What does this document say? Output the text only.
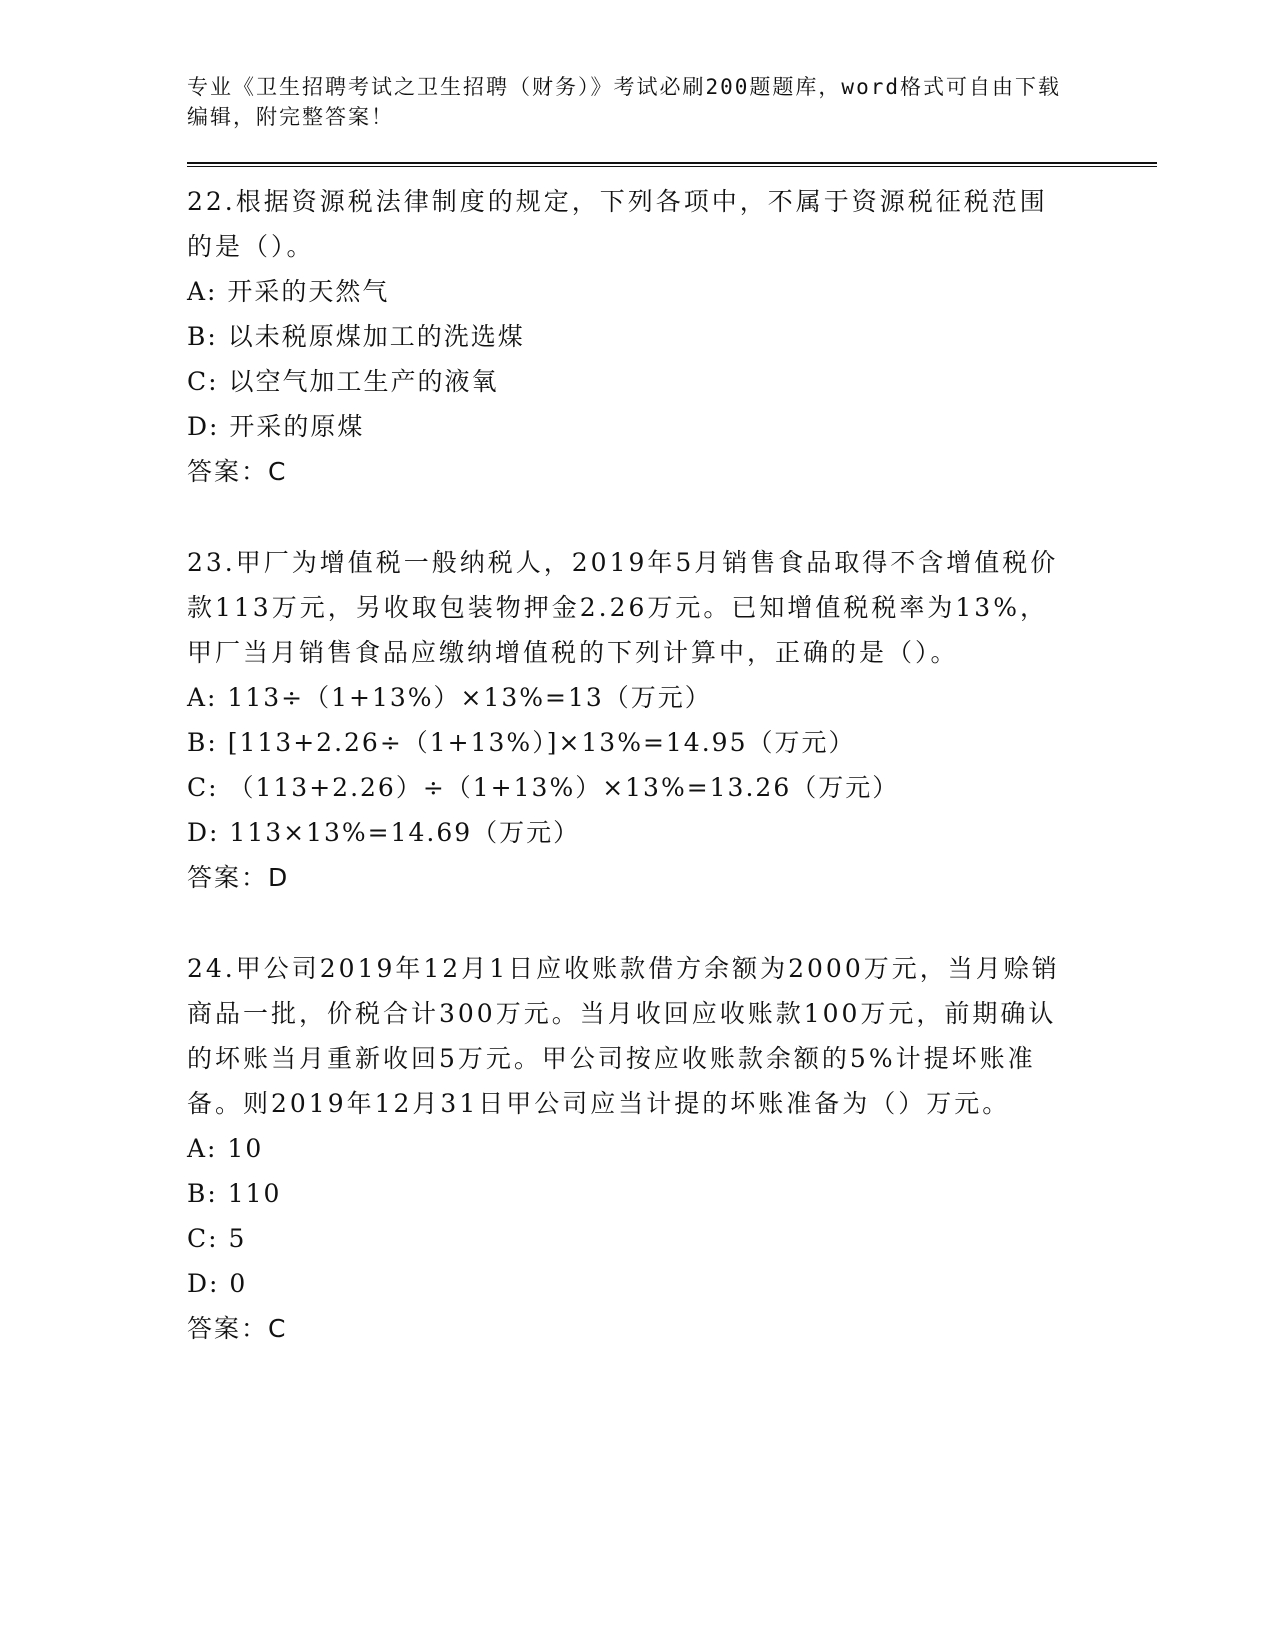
专业《卫生招聘考试之卫生招聘（财务）》考试必刷200题题库，word格式可自由下载编辑，附完整答案！

22.根据资源税法律制度的规定，下列各项中，不属于资源税征税范围的是（）。

A: 开采的天然气

B: 以未税原煤加工的洗选煤

C: 以空气加工生产的液氧

D: 开采的原煤

答案：C

23.甲厂为增值税一般纳税人，2019年5月销售食品取得不含增值税价款113万元，另收取包装物押金2.26万元。已知增值税税率为13%，甲厂当月销售食品应缴纳增值税的下列计算中，正确的是（）。

A: 113÷（1+13%）×13%=13（万元）

B: [113+2.26÷（1+13%）]×13%=14.95（万元）

C: （113+2.26）÷（1+13%）×13%=13.26（万元）

D: 113×13%=14.69（万元）

答案：D

24.甲公司2019年12月1日应收账款借方余额为2000万元，当月赊销商品一批，价税合计300万元。当月收回应收账款100万元，前期确认的坏账当月重新收回5万元。甲公司按应收账款余额的5%计提坏账准备。则2019年12月31日甲公司应当计提的坏账准备为（）万元。

A: 10

B: 110

C: 5

D: 0

答案：C
